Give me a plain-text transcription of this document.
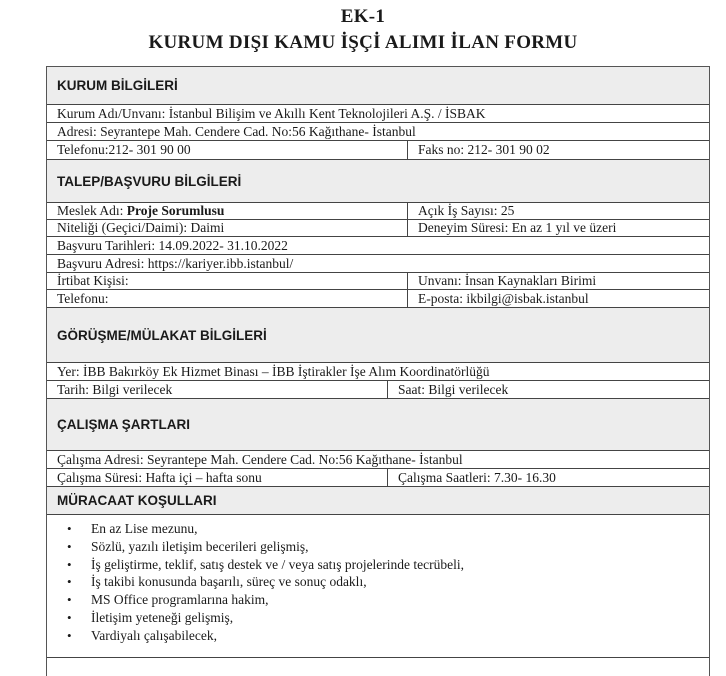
EK-1
KURUM DIŞI KAMU İŞÇİ ALIMI İLAN FORMU
KURUM BİLGİLERİ
Kurum Adı/Unvanı: İstanbul Bilişim ve Akıllı Kent Teknolojileri A.Ş. / İSBAK
Adresi: Seyrantepe Mah. Cendere Cad. No:56 Kağıthane- İstanbul
Telefonu:212- 301 90 00	Faks no: 212- 301 90 02
TALEP/BAŞVURU BİLGİLERİ
Meslek Adı: Proje Sorumlusu	Açık İş Sayısı: 25
Niteliği (Geçici/Daimi): Daimi	Deneyim Süresi: En az 1 yıl ve üzeri
Başvuru Tarihleri: 14.09.2022- 31.10.2022
Başvuru Adresi: https://kariyer.ibb.istanbul/
İrtibat Kişisi:	Unvanı: İnsan Kaynakları Birimi
Telefonu:	E-posta: ikbilgi@isbak.istanbul
GÖRÜŞME/MÜLAKAT BİLGİLERİ
Yer: İBB Bakırköy Ek Hizmet Binası – İBB İştirakler İşe Alım Koordinatörlüğü
Tarih: Bilgi verilecek	Saat: Bilgi verilecek
ÇALIŞMA ŞARTLARI
Çalışma Adresi: Seyrantepe Mah. Cendere Cad. No:56 Kağıthane- İstanbul
Çalışma Süresi: Hafta içi – hafta sonu	Çalışma Saatleri: 7.30- 16.30
MÜRACAAT KOŞULLARI
• En az Lise mezunu,
• Sözlü, yazılı iletişim becerileri gelişmiş,
• İş geliştirme, teklif, satış destek ve / veya satış projelerinde tecrübeli,
• İş takibi konusunda başarılı, süreç ve sonuç odaklı,
• MS Office programlarına hakim,
• İletişim yeteneği gelişmiş,
• Vardiyalı çalışabilecek,
